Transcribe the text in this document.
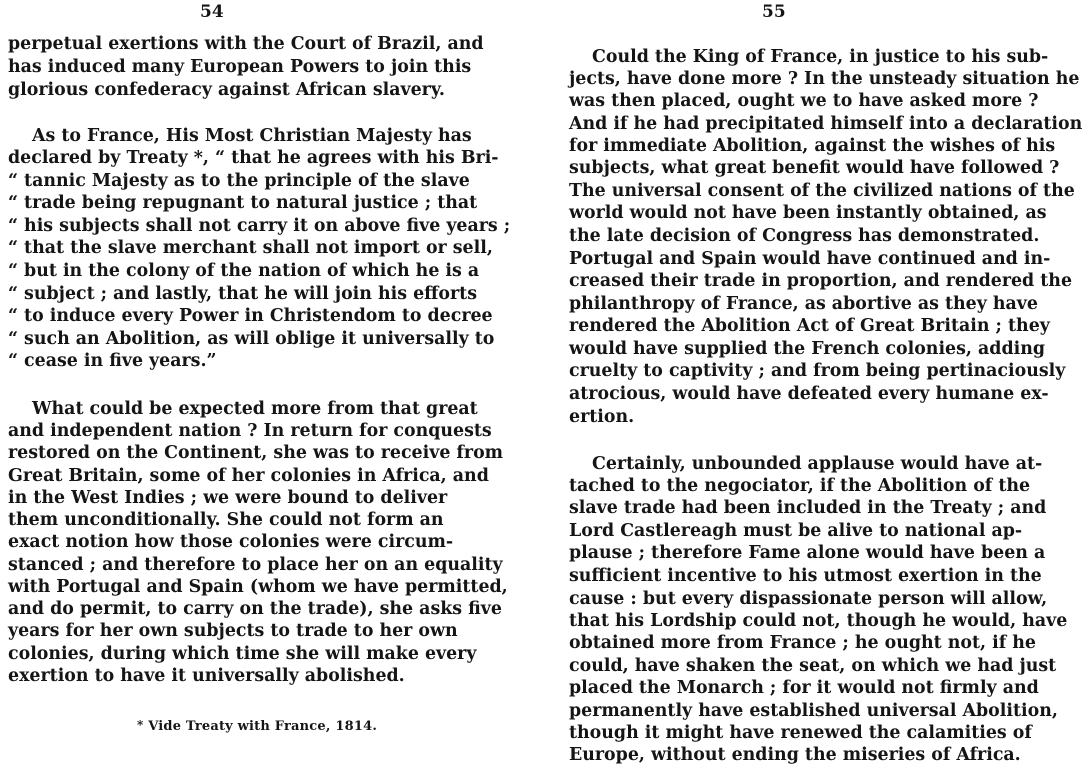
54
perpetual exertions with the Court of Brazil, and
has induced many European Powers to join this
glorious confederacy against African slavery.
As to France, His Most Christian Majesty has
declared by Treaty *, “ that he agrees with his Bri-
“ tannic Majesty as to the principle of the slave
“ trade being repugnant to natural justice ; that
“ his subjects shall not carry it on above five years ;
“ that the slave merchant shall not import or sell,
“ but in the colony of the nation of which he is a
“ subject ; and lastly, that he will join his efforts
“ to induce every Power in Christendom to decree
“ such an Abolition, as will oblige it universally to
“ cease in five years.”
What could be expected more from that great
and independent nation ? In return for conquests
restored on the Continent, she was to receive from
Great Britain, some of her colonies in Africa, and
in the West Indies ; we were bound to deliver
them unconditionally. She could not form an
exact notion how those colonies were circum-
stanced ; and therefore to place her on an equality
with Portugal and Spain (whom we have permitted,
and do permit, to carry on the trade), she asks five
years for her own subjects to trade to her own
colonies, during which time she will make every
exertion to have it universally abolished.
* Vide Treaty with France, 1814.
55
Could the King of France, in justice to his sub-
jects, have done more ? In the unsteady situation he
was then placed, ought we to have asked more ?
And if he had precipitated himself into a declaration
for immediate Abolition, against the wishes of his
subjects, what great benefit would have followed ?
The universal consent of the civilized nations of the
world would not have been instantly obtained, as
the late decision of Congress has demonstrated.
Portugal and Spain would have continued and in-
creased their trade in proportion, and rendered the
philanthropy of France, as abortive as they have
rendered the Abolition Act of Great Britain ; they
would have supplied the French colonies, adding
cruelty to captivity ; and from being pertinaciously
atrocious, would have defeated every humane ex-
ertion.
Certainly, unbounded applause would have at-
tached to the negociator, if the Abolition of the
slave trade had been included in the Treaty ; and
Lord Castlereagh must be alive to national ap-
plause ; therefore Fame alone would have been a
sufficient incentive to his utmost exertion in the
cause : but every dispassionate person will allow,
that his Lordship could not, though he would, have
obtained more from France ; he ought not, if he
could, have shaken the seat, on which we had just
placed the Monarch ; for it would not firmly and
permanently have established universal Abolition,
though it might have renewed the calamities of
Europe, without ending the miseries of Africa.
